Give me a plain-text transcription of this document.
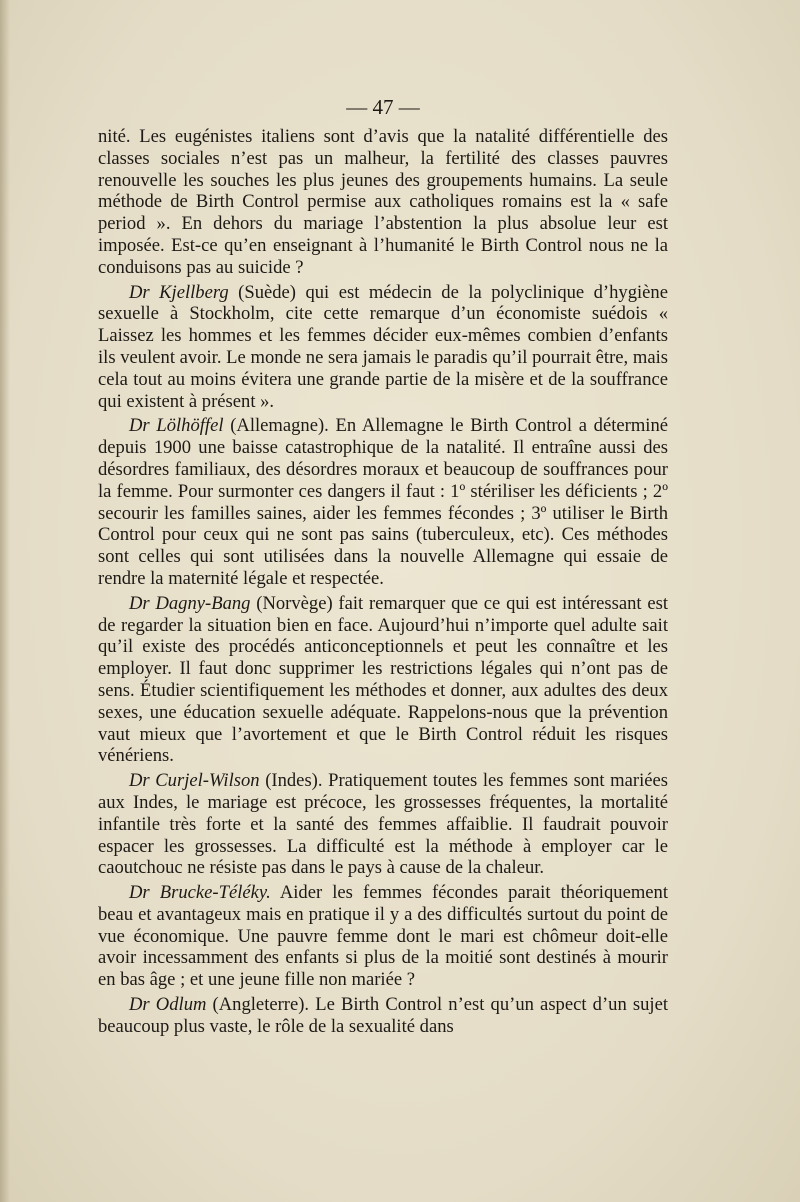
— 47 —

nité. Les eugénistes italiens sont d’avis que la natalité différentielle des classes sociales n’est pas un malheur, la fertilité des classes pauvres renouvelle les souches les plus jeunes des groupements humains. La seule méthode de Birth Control permise aux catholiques romains est la « safe period ». En dehors du mariage l’abstention la plus absolue leur est imposée. Est-ce qu’en enseignant à l’humanité le Birth Control nous ne la conduisons pas au suicide ?

Dr Kjellberg (Suède) qui est médecin de la polyclinique d’hygiène sexuelle à Stockholm, cite cette remarque d’un économiste suédois « Laissez les hommes et les femmes décider eux-mêmes combien d’enfants ils veulent avoir. Le monde ne sera jamais le paradis qu’il pourrait être, mais cela tout au moins évitera une grande partie de la misère et de la souffrance qui existent à présent ».

Dr Lölhöffel (Allemagne). En Allemagne le Birth Control a déterminé depuis 1900 une baisse catastrophique de la natalité. Il entraîne aussi des désordres familiaux, des désordres moraux et beaucoup de souffrances pour la femme. Pour surmonter ces dangers il faut : 1º stériliser les déficients ; 2º secourir les familles saines, aider les femmes fécondes ; 3º utiliser le Birth Control pour ceux qui ne sont pas sains (tuberculeux, etc). Ces méthodes sont celles qui sont utilisées dans la nouvelle Allemagne qui essaie de rendre la maternité légale et respectée.

Dr Dagny-Bang (Norvège) fait remarquer que ce qui est intéressant est de regarder la situation bien en face. Aujourd’hui n’importe quel adulte sait qu’il existe des procédés anticonceptionnels et peut les connaître et les employer. Il faut donc supprimer les restrictions légales qui n’ont pas de sens. Étudier scientifiquement les méthodes et donner, aux adultes des deux sexes, une éducation sexuelle adéquate. Rappelons-nous que la prévention vaut mieux que l’avortement et que le Birth Control réduit les risques vénériens.

Dr Curjel-Wilson (Indes). Pratiquement toutes les femmes sont mariées aux Indes, le mariage est précoce, les grossesses fréquentes, la mortalité infantile très forte et la santé des femmes affaiblie. Il faudrait pouvoir espacer les grossesses. La difficulté est la méthode à employer car le caoutchouc ne résiste pas dans le pays à cause de la chaleur.

Dr Brucke-Téléky. Aider les femmes fécondes parait théoriquement beau et avantageux mais en pratique il y a des difficultés surtout du point de vue économique. Une pauvre femme dont le mari est chômeur doit-elle avoir incessamment des enfants si plus de la moitié sont destinés à mourir en bas âge ; et une jeune fille non mariée ?

Dr Odlum (Angleterre). Le Birth Control n’est qu’un aspect d’un sujet beaucoup plus vaste, le rôle de la sexualité dans
